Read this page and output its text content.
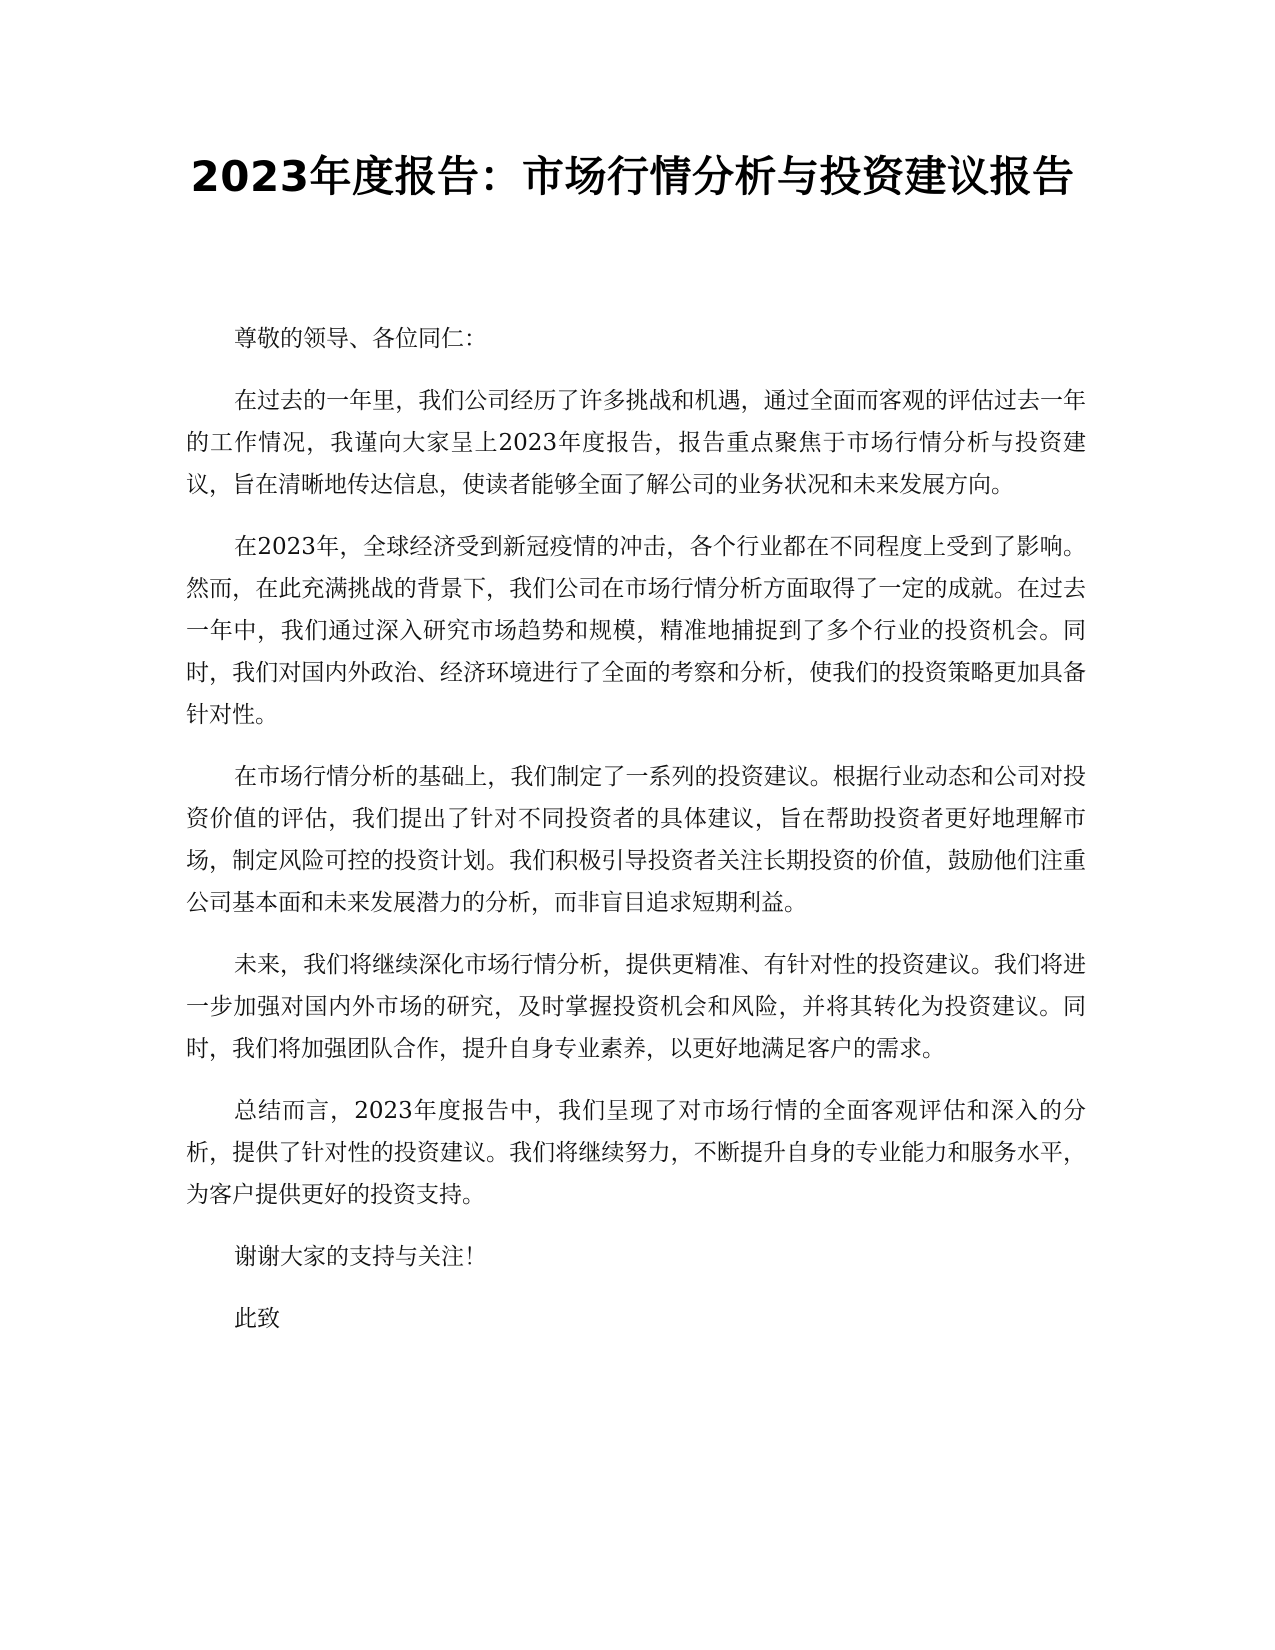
2023年度报告：市场行情分析与投资建议报告

尊敬的领导、各位同仁：

在过去的一年里，我们公司经历了许多挑战和机遇，通过全面而客观的评估过去一年的工作情况，我谨向大家呈上2023年度报告，报告重点聚焦于市场行情分析与投资建议，旨在清晰地传达信息，使读者能够全面了解公司的业务状况和未来发展方向。

在2023年，全球经济受到新冠疫情的冲击，各个行业都在不同程度上受到了影响。然而，在此充满挑战的背景下，我们公司在市场行情分析方面取得了一定的成就。在过去一年中，我们通过深入研究市场趋势和规模，精准地捕捉到了多个行业的投资机会。同时，我们对国内外政治、经济环境进行了全面的考察和分析，使我们的投资策略更加具备针对性。

在市场行情分析的基础上，我们制定了一系列的投资建议。根据行业动态和公司对投资价值的评估，我们提出了针对不同投资者的具体建议，旨在帮助投资者更好地理解市场，制定风险可控的投资计划。我们积极引导投资者关注长期投资的价值，鼓励他们注重公司基本面和未来发展潜力的分析，而非盲目追求短期利益。

未来，我们将继续深化市场行情分析，提供更精准、有针对性的投资建议。我们将进一步加强对国内外市场的研究，及时掌握投资机会和风险，并将其转化为投资建议。同时，我们将加强团队合作，提升自身专业素养，以更好地满足客户的需求。

总结而言，2023年度报告中，我们呈现了对市场行情的全面客观评估和深入的分析，提供了针对性的投资建议。我们将继续努力，不断提升自身的专业能力和服务水平，为客户提供更好的投资支持。

谢谢大家的支持与关注！

此致
